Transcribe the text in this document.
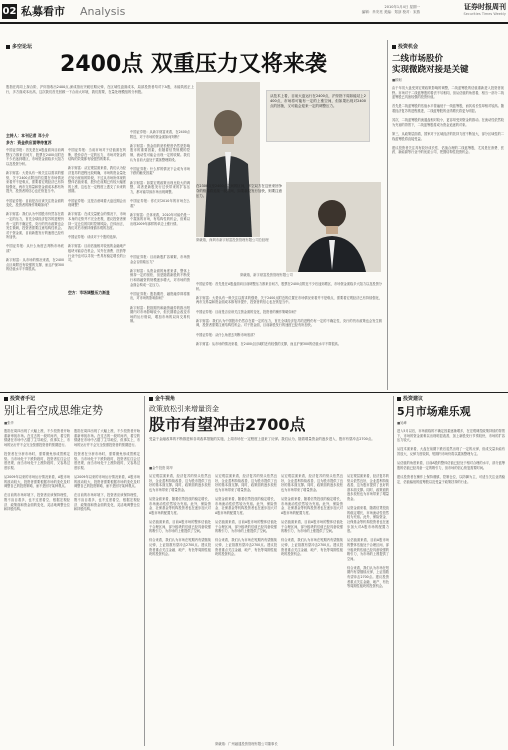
02 私募看市 Analysis	2010年1月4日 星期一
编辑：肖安亮 美编：郑剑 校对：宋燕
证券时报周刊
Securities Times Weekly
多空论坛
2400点 双重压力又将来袭
股指在再同上探合阶，沪综指收出2400点,深成指出突破后期反弹，在区域性盘面成本，局部投资者均对下A股，未能筑底正上行，多方面成本出高，这次我们首先回顾一下合前大环境，我们需要，在量处理模组的分析股。
主持人：本刊记者 邓小介
多方：资金供应面等待复苏
中国证券报：首先是在A股盘面向目前调整压力都来自何方，股票在2400点附近不少后迷到增区，市场资金面临多大阻力以及投资分析。

新宇财富：大势从有一般关注以需求的强势，关于2400点附近的位置在市场情况来看并不是难点，需要看宏观经济已有持续强化，两市交易量和资金面成本都有所提升，投资者的信心也在恢复当中。

中国证券报：目前是否应该关注资金面的变化，投资者的操作策略如何？

新宇财富：我们认为中国股市仍然存在着一定的压力，首先全球经济复苏的进程仍有一定的不确定性，央行的货币政策也会发生微调，投资者需要注意结构性机会。对于资金面，目前新股发行的速度已经有所加快。

中国证券报：从什么角度去判断市场底部？

新宇财富：从市场的情况来看，在2400点区域附近有较强的支撑，而且沪深300的估值水平不算很高。
中国证券报：当前市场对于估值面在判断，股价存在一定的压力，市场对资金的结构的效果都有较强烈的要求。

新宇财富：从宏观层面来看，我们认为经济复苏的进程比较明确，市场的资金量处在较为宽裕的阶段，不过从市场所体现的整体估值来看，股价在前期已有较大幅度的上涨，这也在一定程度上透支了未来的预期。

中国证券报：这是否意味着大盘近期会出现调整？

新宇财富：在成交量配合的情况下，市场本身的走势并不完全悲观，建议投资者保持一定仓位的同时控制风险。总体而言，我们对后市保持谨慎乐观的态度。

中国证券报：谈谈对于个股的选择。

新宇财富：目前估值相对较低的金融地产板块可能存在机会，另外在消费、医药等行业中也可以寻找一些具有稳定增长的公司。
中国证券报：从新宇财富来看，在2400点附近，对于市场的资金面如何判断？

新宇财富：资金面的宽松程度仍然是影响股市的重要因素，但随着信贷规模的控制，流动性可能会出现一定的收紧。我们认为目前大盘处于震荡整理阶段。

中国证券报：什么样的情况下会成为市场下跌的触发因素？

新宇财富：如果宏观政策出现比较大的调整，或者是新股发行过快带来的扩容压力，都可能导致市场出现调整。

中国证券报：你们对2010年的市场怎么看？

新宇财富：总体来看，2010年可能仍是一个震荡的市场，有结构性的机会，但难以出现2009年那样的单边上涨行情。
空方：市场调整压力渐显
从技术上看，目前大盘运行在2400点，沪综指下周如能站上2400点，市场将可能有一定的上涨空间，但如果出现对2400点的回抽，又可能会迎来一定的调整压力。
廖谦瑞，深圳市新宇财富投资管理有限公司总经理
在2300点至2400点之间的区间，多空双方在这里来回争夺的格局将延续一段时间，如果新股发行加快，则要注意压力。
廖谦瑞，新宇财富投资管理有限公司
中国证券报：目前新股扩容频繁，市场资金会否面临压力？

新宇财富：从资金面的角度来讲，整体上保持一定的宽松，但是随着新股的不断发行和再融资的规模逐步增大，对市场的资金面会构成一定压力。

中国证券报：股指期货、融资融券即将推出，对市场的影响如何？

新宇财富：股指期货和融资融券的推出短期内对市场影响较小，但长期看会改变市场的运行格局，增加市场的双向交易机制。
中国证券报：首先是在A股盘面向目前调整压力都来自何方，股票在2400点附近不少后迷到增区，市场资金面临多大阻力以及投资分析。

新宇财富：大势从有一般关注以需求的强势，关于2400点附近的位置在市场情况来看并不是难点，需要看宏观经济已有持续强化，两市交易量和资金面成本都有所提升，投资者的信心也在恢复当中。

中国证券报：目前是否应该关注资金面的变化，投资者的操作策略如何？

新宇财富：我们认为中国股市仍然存在着一定的压力，首先全球经济复苏的进程仍有一定的不确定性，央行的货币政策也会发生微调，投资者需要注意结构性机会。对于资金面，目前新股发行的速度已经有所加快。

中国证券报：从什么角度去判断市场底部？

新宇财富：从市场的情况来看，在2400点区域附近有较强的支撑，而且沪深300的估值水平不算很高。
投资机会
二线市场股价
实现微跷对接是关键
■顾柯
由于年初大盘受到宏观政策影响的调整，二线蓝筹股的估值重新进入投资者视野。市场对于二线蓝筹股的看法不尽相同，但从估值的角度看，相当一部分二线蓝筹股已具备较强的投资价值。

首先是二线蓝筹股的估值水平普遍低于一线蓝筹股，而其成长性却相对较高。随着经济复苏的进程推进，二线蓝筹股的业绩增长将更为明显。

其次，二线蓝筹股的流通盘相对较小，更容易受到资金的推动。在流动性依然较为充裕的背景下，二线蓝筹股将成为资金追逐的对象。

第三，从政策层面看，国家对于区域经济的扶持力度不断加大，部分区域性的二线蓝筹股将直接受益。

建议投资者关注具有较好成长性、估值合理的二线蓝筹股，尤其是在消费、医药、新能源等行业中的优质公司，把握结构性投资机会。
投资者手记
别让看空成思维定势
■张华
股指在周四出现了大幅上涨，不少投资者开始重新审视市场。在过去的一段时间内，看空的情绪在市场中占据了主导地位，但事实上，市场的运行并不会完全按照投资者的预期进行。

投资者在分析市场时，需要避免形成思维定势。当市场处于下跌阶段时，投资者往往会过度悲观，而当市场处于上涨阶段时，又容易过度乐观。

从2009年以来的市场运行情况来看，A股市场的波动较大，投资者需要根据市场的变化及时调整自己的投资策略，而不是固守某种观点。

在目前的市场环境下，投资者应该保持理性，既不盲目看多，也不过度看空，根据宏观经济、政策面和资金面的变化，灵活地调整仓位和持股结构。
股指在周四出现了大幅上涨，不少投资者开始重新审视市场。在过去的一段时间内，看空的情绪在市场中占据了主导地位，但事实上，市场的运行并不会完全按照投资者的预期进行。

投资者在分析市场时，需要避免形成思维定势。当市场处于下跌阶段时，投资者往往会过度悲观，而当市场处于上涨阶段时，又容易过度乐观。

从2009年以来的市场运行情况来看，A股市场的波动较大，投资者需要根据市场的变化及时调整自己的投资策略，而不是固守某种观点。

在目前的市场环境下，投资者应该保持理性，既不盲目看多，也不过度看空，根据宏观经济、政策面和资金面的变化，灵活地调整仓位和持股结构。
金牛视角
政策放松引来增量资金
股市有望冲击2700点
受益于金融改革的不断推进和各项改革措施的实施，上周市场在一定程度上迎来了反弹。我们认为，随着增量资金的逐步进入，股市有望冲击2700点。
■金牛投资 陈华
从宏观层面来看，经济复苏的势头依然良好，企业盈利持续改善，这为股市提供了良好的基本面支撑。同时，政策面的逐步放松也为市场带来了增量资金。

从资金面来看，随着信贷投放的稳定增长，市场流动性依然较为充裕。此外，保险资金、社保基金等机构投资者也在逐步加大对A股市场的配置力度。

从估值面来看，目前A股市场的整体估值处于合理区间，部分板块的估值已经具备较强的吸引力，为市场的上涨提供了空间。

综合来看，我们认为市场在短期内有望继续反弹，上证指数有望冲击2700点。建议投资者重点关注金融、地产、有色等周期性板块的投资机会。
从宏观层面来看，经济复苏的势头依然良好，企业盈利持续改善，这为股市提供了良好的基本面支撑。同时，政策面的逐步放松也为市场带来了增量资金。

从资金面来看，随着信贷投放的稳定增长，市场流动性依然较为充裕。此外，保险资金、社保基金等机构投资者也在逐步加大对A股市场的配置力度。

从估值面来看，目前A股市场的整体估值处于合理区间，部分板块的估值已经具备较强的吸引力，为市场的上涨提供了空间。

综合来看，我们认为市场在短期内有望继续反弹，上证指数有望冲击2700点。建议投资者重点关注金融、地产、有色等周期性板块的投资机会。
从宏观层面来看，经济复苏的势头依然良好，企业盈利持续改善，这为股市提供了良好的基本面支撑。同时，政策面的逐步放松也为市场带来了增量资金。

从资金面来看，随着信贷投放的稳定增长，市场流动性依然较为充裕。此外，保险资金、社保基金等机构投资者也在逐步加大对A股市场的配置力度。

从估值面来看，目前A股市场的整体估值处于合理区间，部分板块的估值已经具备较强的吸引力，为市场的上涨提供了空间。

综合来看，我们认为市场在短期内有望继续反弹，上证指数有望冲击2700点。建议投资者重点关注金融、地产、有色等周期性板块的投资机会。
从宏观层面来看，经济复苏的势头依然良好，企业盈利持续改善，这为股市提供了良好的基本面支撑。同时，政策面的逐步放松也为市场带来了增量资金。

从资金面来看，随着信贷投放的稳定增长，市场流动性依然较为充裕。此外，保险资金、社保基金等机构投资者也在逐步加大对A股市场的配置力度。

从估值面来看，目前A股市场的整体估值处于合理区间，部分板块的估值已经具备较强的吸引力，为市场的上涨提供了空间。

综合来看，我们认为市场在短期内有望继续反弹，上证指数有望冲击2700点。建议投资者重点关注金融、地产、有色等周期性板块的投资机会。
廖谦瑞：广州融通投资管理有限公司董事长
投资建议
5月市场难乐观
■吴峰
进入5月以后，市场面临的不确定因素逐渐增多，在宏观调控政策持续的背景下，市场的资金面难以出现明显改善，加上新股发行节奏较快，市场的扩容压力较大。

从技术面来看，大盘在前期下跌后虽然出现了一定的反弹，但成交量未能有效放大，反弹力度较弱，短期内市场仍将以震荡整理为主。

从估值的角度来看，目前A股的整体估值已经处于相对合理的水平，部分蓝筹股的估值已经具备一定的吸引力，但市场的信心恢复需要时间。

建议投资者在操作上保持谨慎，控制仓位，以防御为主，可适当关注业绩稳定、估值偏低的蓝筹股以及受益于政策扶持的行业。
